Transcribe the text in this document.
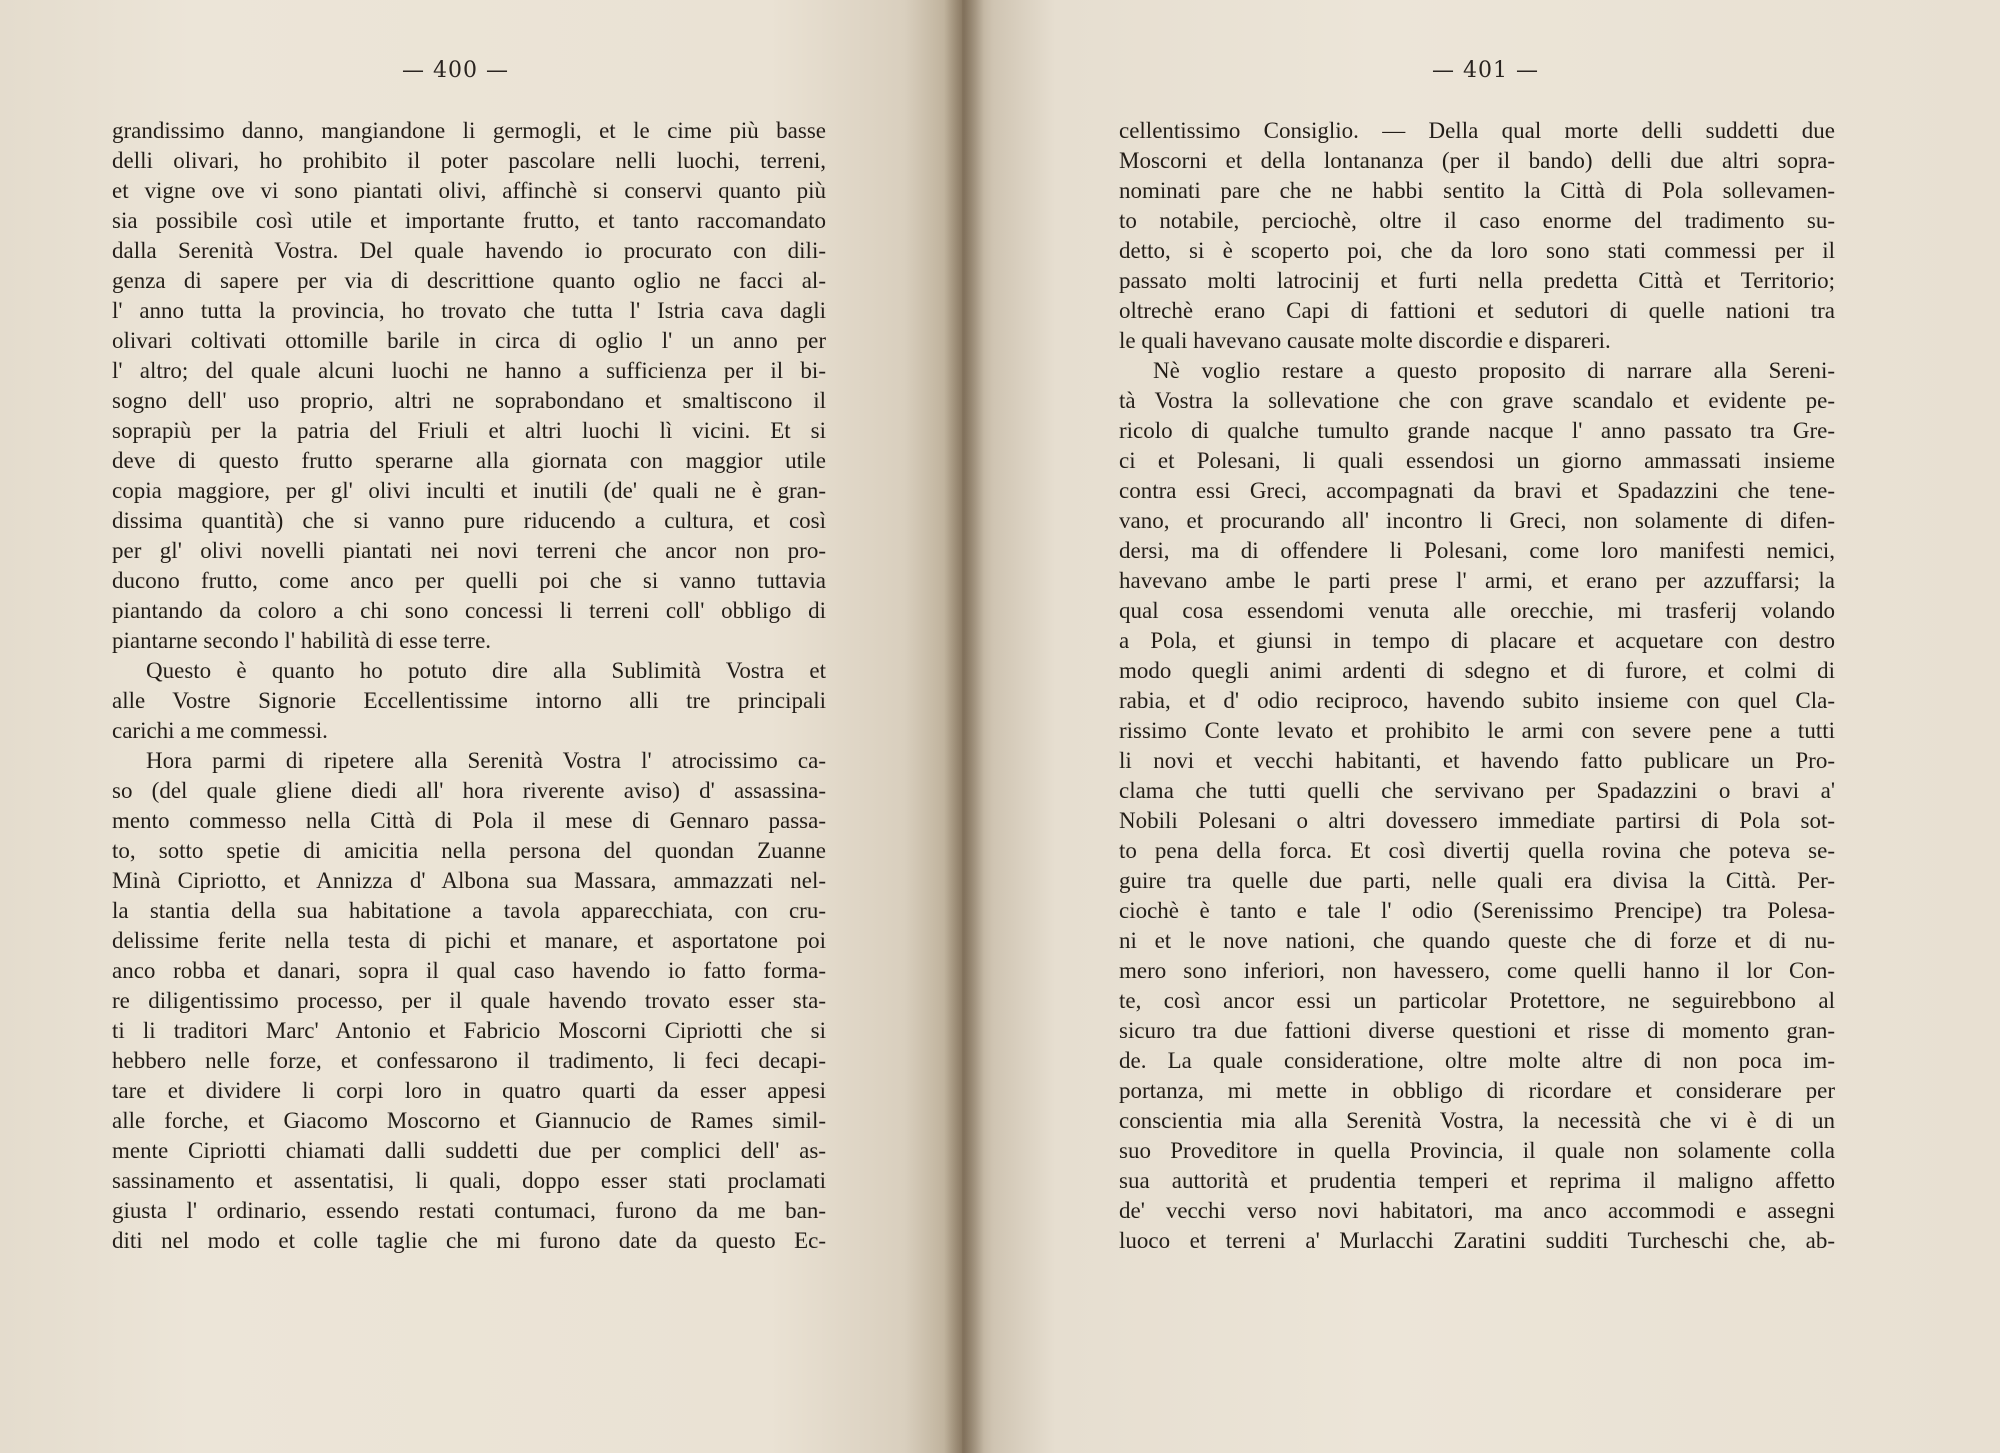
— 400 —
grandissimo danno, mangiandone li germogli, et le cime più basse
delli olivari, ho prohibito il poter pascolare nelli luochi, terreni,
et vigne ove vi sono piantati olivi, affinchè si conservi quanto più
sia possibile così utile et importante frutto, et tanto raccomandato
dalla Serenità Vostra. Del quale havendo io procurato con dili-
genza di sapere per via di descrittione quanto oglio ne facci al-
l' anno tutta la provincia, ho trovato che tutta l' Istria cava dagli
olivari coltivati ottomille barile in circa di oglio l' un anno per
l' altro; del quale alcuni luochi ne hanno a sufficienza per il bi-
sogno dell' uso proprio, altri ne soprabondano et smaltiscono il
soprapiù per la patria del Friuli et altri luochi lì vicini. Et si
deve di questo frutto sperarne alla giornata con maggior utile
copia maggiore, per gl' olivi inculti et inutili (de' quali ne è gran-
dissima quantità) che si vanno pure riducendo a cultura, et così
per gl' olivi novelli piantati nei novi terreni che ancor non pro-
ducono frutto, come anco per quelli poi che si vanno tuttavia
piantando da coloro a chi sono concessi li terreni coll' obbligo di
piantarne secondo l' habilità di esse terre.
Questo è quanto ho potuto dire alla Sublimità Vostra et
alle Vostre Signorie Eccellentissime intorno alli tre principali
carichi a me commessi.
Hora parmi di ripetere alla Serenità Vostra l' atrocissimo ca-
so (del quale gliene diedi all' hora riverente aviso) d' assassina-
mento commesso nella Città di Pola il mese di Gennaro passa-
to, sotto spetie di amicitia nella persona del quondan Zuanne
Minà Cipriotto, et Annizza d' Albona sua Massara, ammazzati nel-
la stantia della sua habitatione a tavola apparecchiata, con cru-
delissime ferite nella testa di pichi et manare, et asportatone poi
anco robba et danari, sopra il qual caso havendo io fatto forma-
re diligentissimo processo, per il quale havendo trovato esser sta-
ti li traditori Marc' Antonio et Fabricio Moscorni Cipriotti che si
hebbero nelle forze, et confessarono il tradimento, li feci decapi-
tare et dividere li corpi loro in quatro quarti da esser appesi
alle forche, et Giacomo Moscorno et Giannucio de Rames simil-
mente Cipriotti chiamati dalli suddetti due per complici dell' as-
sassinamento et assentatisi, li quali, doppo esser stati proclamati
giusta l' ordinario, essendo restati contumaci, furono da me ban-
diti nel modo et colle taglie che mi furono date da questo Ec-
— 401 —
cellentissimo Consiglio. — Della qual morte delli suddetti due
Moscorni et della lontananza (per il bando) delli due altri sopra-
nominati pare che ne habbi sentito la Città di Pola sollevamen-
to notabile, perciochè, oltre il caso enorme del tradimento su-
detto, si è scoperto poi, che da loro sono stati commessi per il
passato molti latrocinij et furti nella predetta Città et Territorio;
oltrechè erano Capi di fattioni et sedutori di quelle nationi tra
le quali havevano causate molte discordie e dispareri.
Nè voglio restare a questo proposito di narrare alla Sereni-
tà Vostra la sollevatione che con grave scandalo et evidente pe-
ricolo di qualche tumulto grande nacque l' anno passato tra Gre-
ci et Polesani, li quali essendosi un giorno ammassati insieme
contra essi Greci, accompagnati da bravi et Spadazzini che tene-
vano, et procurando all' incontro li Greci, non solamente di difen-
dersi, ma di offendere li Polesani, come loro manifesti nemici,
havevano ambe le parti prese l' armi, et erano per azzuffarsi; la
qual cosa essendomi venuta alle orecchie, mi trasferij volando
a Pola, et giunsi in tempo di placare et acquetare con destro
modo quegli animi ardenti di sdegno et di furore, et colmi di
rabia, et d' odio reciproco, havendo subito insieme con quel Cla-
rissimo Conte levato et prohibito le armi con severe pene a tutti
li novi et vecchi habitanti, et havendo fatto publicare un Pro-
clama che tutti quelli che servivano per Spadazzini o bravi a'
Nobili Polesani o altri dovessero immediate partirsi di Pola sot-
to pena della forca. Et così divertij quella rovina che poteva se-
guire tra quelle due parti, nelle quali era divisa la Città. Per-
ciochè è tanto e tale l' odio (Serenissimo Prencipe) tra Polesa-
ni et le nove nationi, che quando queste che di forze et di nu-
mero sono inferiori, non havessero, come quelli hanno il lor Con-
te, così ancor essi un particolar Protettore, ne seguirebbono al
sicuro tra due fattioni diverse questioni et risse di momento gran-
de. La quale consideratione, oltre molte altre di non poca im-
portanza, mi mette in obbligo di ricordare et considerare per
conscientia mia alla Serenità Vostra, la necessità che vi è di un
suo Proveditore in quella Provincia, il quale non solamente colla
sua auttorità et prudentia temperi et reprima il maligno affetto
de' vecchi verso novi habitatori, ma anco accommodi e assegni
luoco et terreni a' Murlacchi Zaratini sudditi Turcheschi che, ab-
